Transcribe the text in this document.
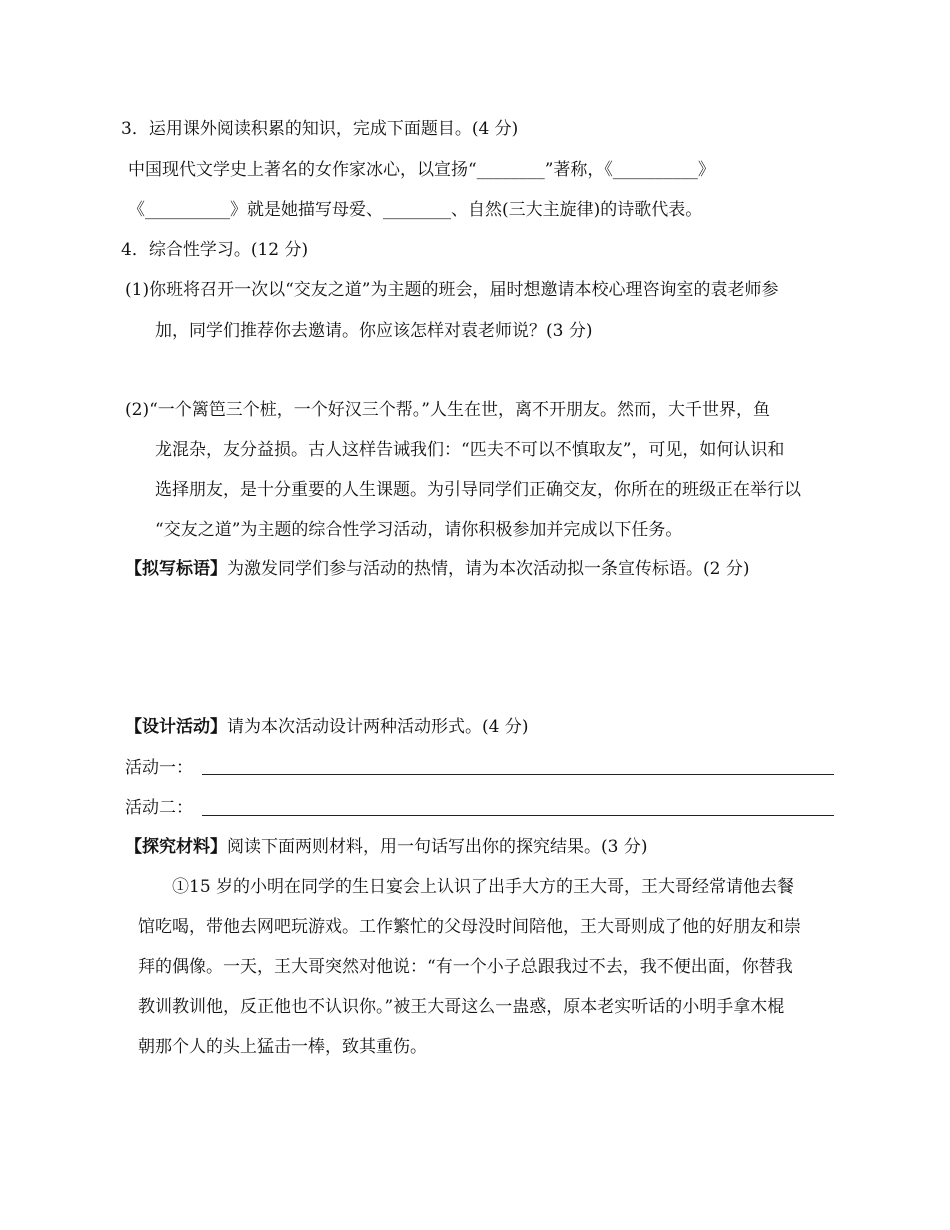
3．运用课外阅读积累的知识，完成下面题目。(4 分)
中国现代文学史上著名的女作家冰心，以宣扬“________”著称，《__________》
《__________》就是她描写母爱、________、自然(三大主旋律)的诗歌代表。
4．综合性学习。(12 分)
(1)你班将召开一次以“交友之道”为主题的班会，届时想邀请本校心理咨询室的袁老师参
加，同学们推荐你去邀请。你应该怎样对袁老师说？(3 分)
(2)“一个篱笆三个桩，一个好汉三个帮。”人生在世，离不开朋友。然而，大千世界，鱼
龙混杂，友分益损。古人这样告诫我们：“匹夫不可以不慎取友”，可见，如何认识和
选择朋友，是十分重要的人生课题。为引导同学们正确交友，你所在的班级正在举行以
“交友之道”为主题的综合性学习活动，请你积极参加并完成以下任务。
【拟写标语】为激发同学们参与活动的热情，请为本次活动拟一条宣传标语。(2 分)
【设计活动】请为本次活动设计两种活动形式。(4 分)
活动一：
活动二：
【探究材料】阅读下面两则材料，用一句话写出你的探究结果。(3 分)
①15 岁的小明在同学的生日宴会上认识了出手大方的王大哥，王大哥经常请他去餐
馆吃喝，带他去网吧玩游戏。工作繁忙的父母没时间陪他，王大哥则成了他的好朋友和崇
拜的偶像。一天，王大哥突然对他说：“有一个小子总跟我过不去，我不便出面，你替我
教训教训他，反正他也不认识你。”被王大哥这么一蛊惑，原本老实听话的小明手拿木棍
朝那个人的头上猛击一棒，致其重伤。
